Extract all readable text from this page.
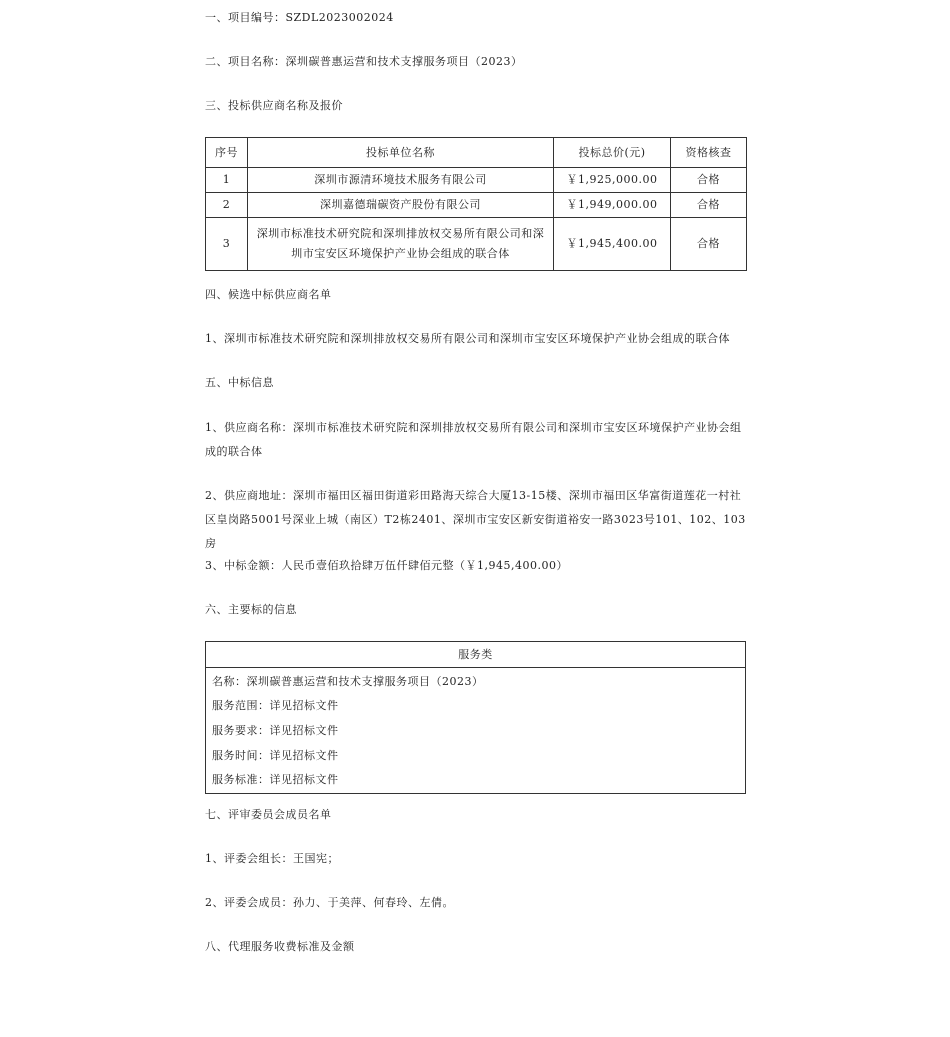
一、项目编号：SZDL2023002024
二、项目名称：深圳碳普惠运营和技术支撑服务项目（2023）
三、投标供应商名称及报价
序号	投标单位名称	投标总价(元)	资格核查
1	深圳市源清环境技术服务有限公司	￥1,925,000.00	合格
2	深圳嘉德瑞碳资产股份有限公司	￥1,949,000.00	合格
3	深圳市标准技术研究院和深圳排放权交易所有限公司和深圳市宝安区环境保护产业协会组成的联合体	￥1,945,400.00	合格
四、候选中标供应商名单
1、深圳市标准技术研究院和深圳排放权交易所有限公司和深圳市宝安区环境保护产业协会组成的联合体
五、中标信息
1、供应商名称：深圳市标准技术研究院和深圳排放权交易所有限公司和深圳市宝安区环境保护产业协会组成的联合体
2、供应商地址：深圳市福田区福田街道彩田路海天综合大厦13-15楼、深圳市福田区华富街道莲花一村社区皇岗路5001号深业上城（南区）T2栋2401、深圳市宝安区新安街道裕安一路3023号101、102、103房
3、中标金额：人民币壹佰玖拾肆万伍仟肆佰元整（￥1,945,400.00）
六、主要标的信息
服务类
名称：深圳碳普惠运营和技术支撑服务项目（2023）
服务范围：详见招标文件
服务要求：详见招标文件
服务时间：详见招标文件
服务标准：详见招标文件
七、评审委员会成员名单
1、评委会组长：王国宪；
2、评委会成员：孙力、于美萍、何春玲、左倩。
八、代理服务收费标准及金额
